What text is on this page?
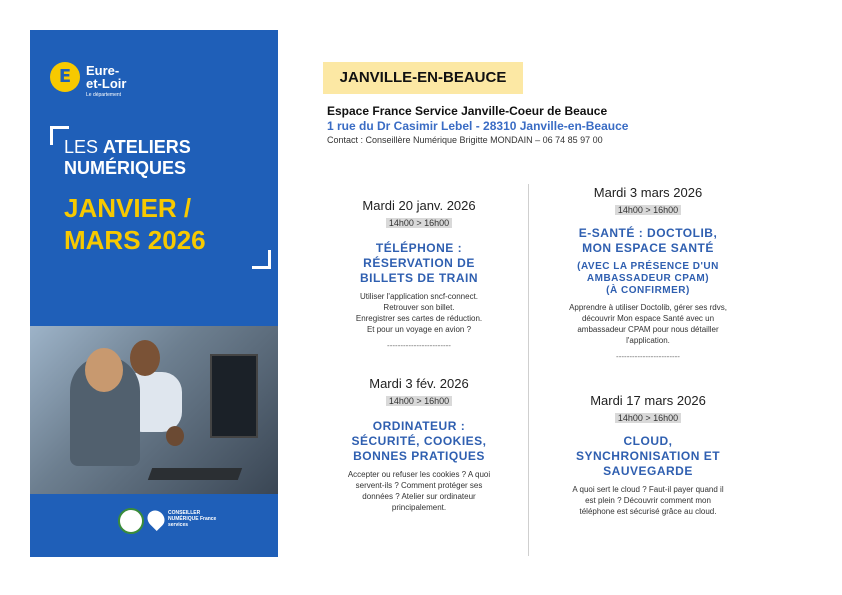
E	Eure-
et-Loir
Le département
LES ATELIERS
NUMÉRIQUES
JANVIER /
MARS 2026
CONSEILLER NUMÉRIQUE France services
JANVILLE-EN-BEAUCE
Espace France Service Janville-Coeur de Beauce
1 rue du Dr Casimir Lebel - 28310 Janville-en-Beauce
Contact : Conseillère Numérique Brigitte MONDAIN – 06 74 85 97 00
Mardi 20 janv. 2026
14h00 > 16h00
TÉLÉPHONE :
RÉSERVATION DE
BILLETS DE TRAIN
Utiliser l'application sncf-connect.
Retrouver son billet.
Enregistrer ses cartes de réduction.
Et pour un voyage en avion ?
------------------------
Mardi 3 fév. 2026
14h00 > 16h00
ORDINATEUR :
SÉCURITÉ, COOKIES,
BONNES PRATIQUES
Accepter ou refuser les cookies ? A quoi
servent-ils ? Comment protéger ses
données ? Atelier sur ordinateur
principalement.
Mardi 3 mars 2026
14h00 > 16h00
E-SANTÉ : DOCTOLIB,
MON ESPACE SANTÉ
(AVEC LA PRÉSENCE D'UN
AMBASSADEUR CPAM)
(À CONFIRMER)
Apprendre à utiliser Doctolib, gérer ses rdvs,
découvrir Mon espace Santé avec un
ambassadeur CPAM pour nous détailler
l'application.
------------------------
Mardi 17 mars 2026
14h00 > 16h00
CLOUD,
SYNCHRONISATION ET
SAUVEGARDE
A quoi sert le cloud ? Faut-il payer quand il
est plein ? Découvrir comment mon
téléphone est sécurisé grâce au cloud.
